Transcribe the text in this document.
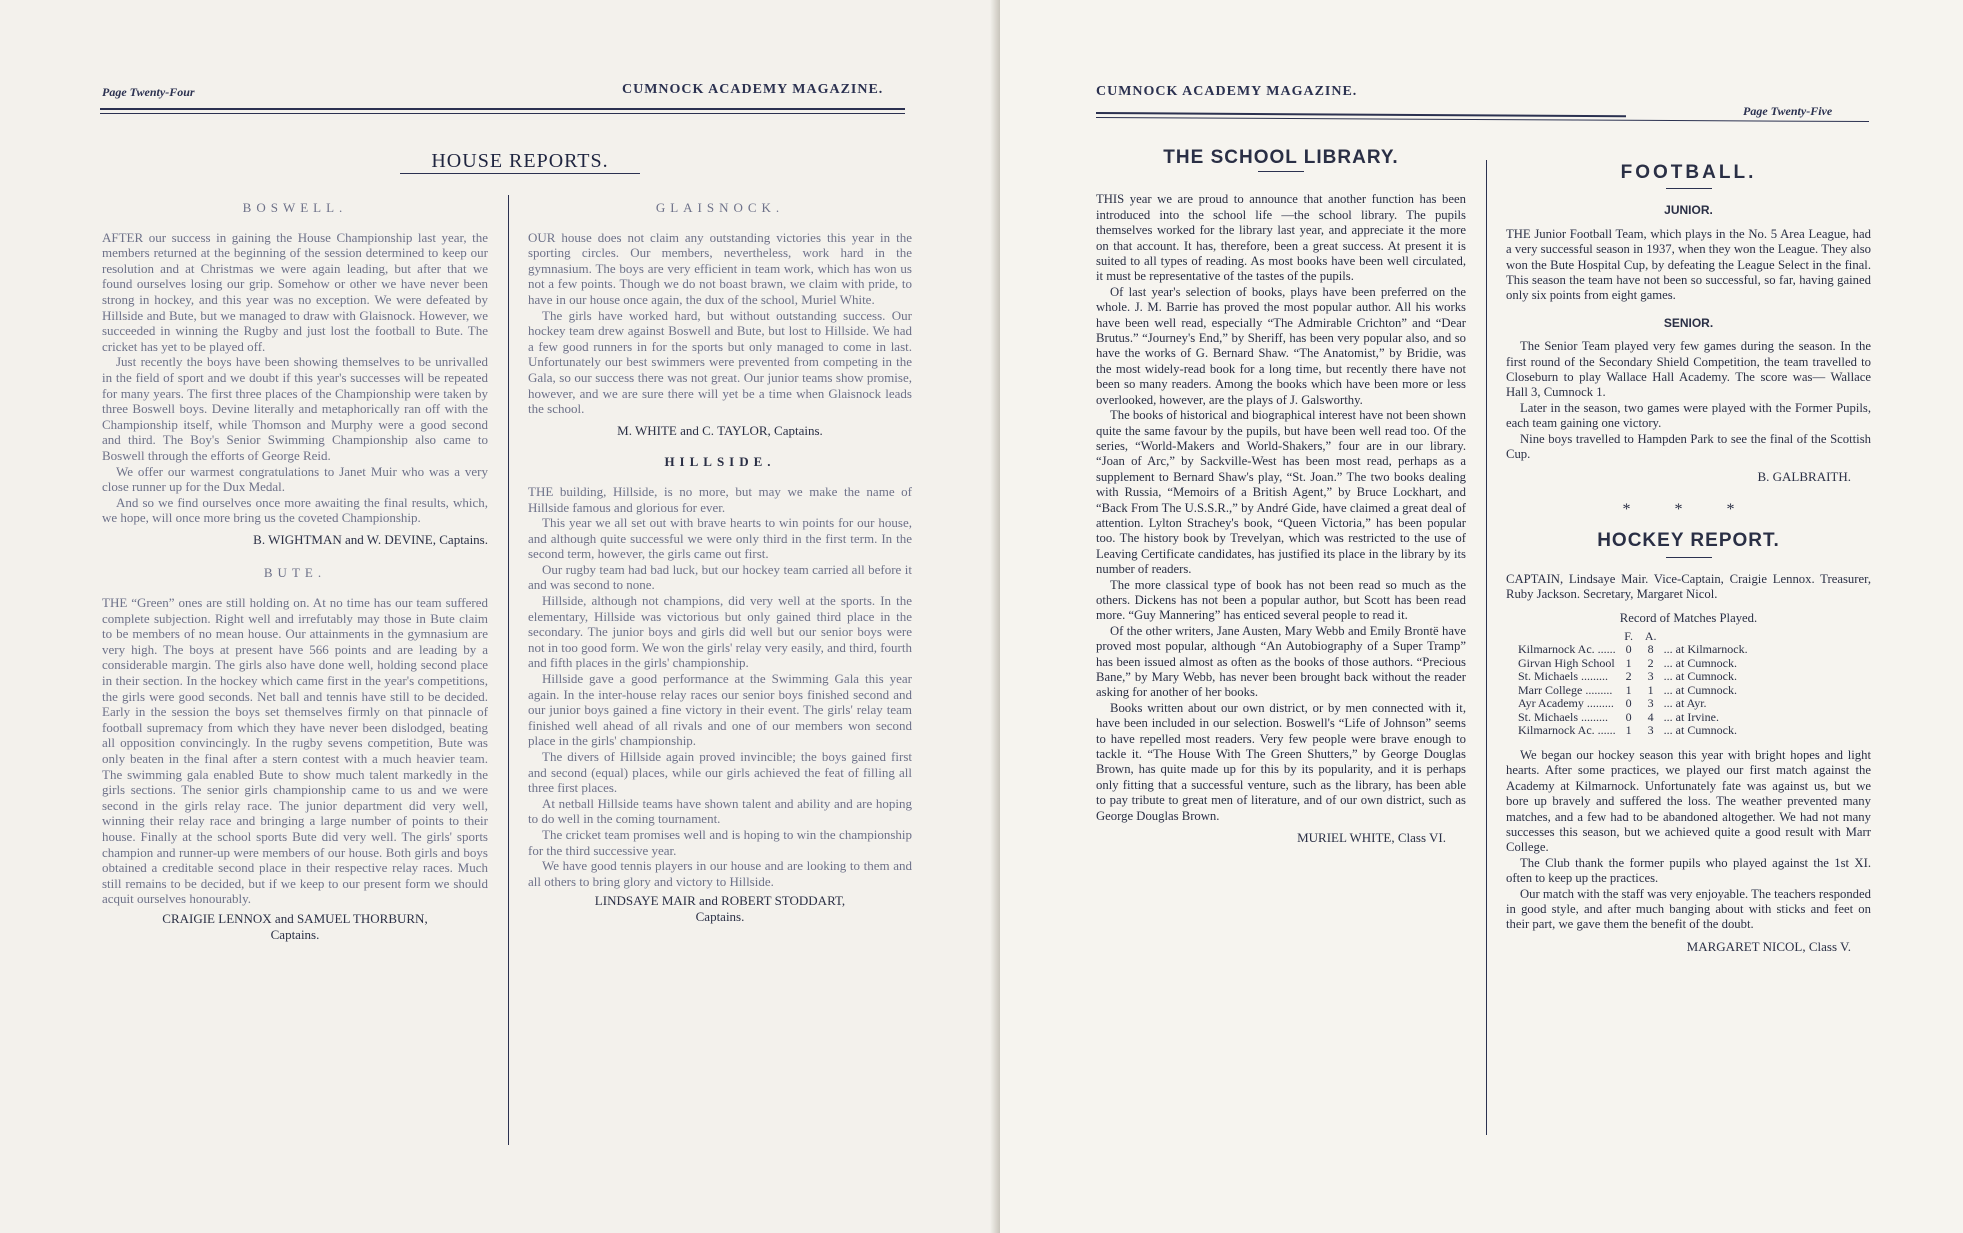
Page Twenty-Four	CUMNOCK ACADEMY MAGAZINE.
HOUSE REPORTS.
BOSWELL.

AFTER our success in gaining the House Championship last year, the members returned at the beginning of the session determined to keep our resolution and at Christmas we were again leading, but after that we found ourselves losing our grip. Somehow or other we have never been strong in hockey, and this year was no exception. We were defeated by Hillside and Bute, but we managed to draw with Glaisnock. However, we succeeded in winning the Rugby and just lost the football to Bute. The cricket has yet to be played off.

Just recently the boys have been showing themselves to be unrivalled in the field of sport and we doubt if this year's successes will be repeated for many years. The first three places of the Championship were taken by three Boswell boys. Devine literally and metaphorically ran off with the Championship itself, while Thomson and Murphy were a good second and third. The Boy's Senior Swimming Championship also came to Boswell through the efforts of George Reid.

We offer our warmest congratulations to Janet Muir who was a very close runner up for the Dux Medal.

And so we find ourselves once more awaiting the final results, which, we hope, will once more bring us the coveted Championship.

B. WIGHTMAN and W. DEVINE, Captains.
BUTE.

THE “Green” ones are still holding on. At no time has our team suffered complete subjection. Right well and irrefutably may those in Bute claim to be members of no mean house. Our attainments in the gymnasium are very high. The boys at present have 566 points and are leading by a considerable margin. The girls also have done well, holding second place in their section. In the hockey which came first in the year's competitions, the girls were good seconds. Net ball and tennis have still to be decided. Early in the session the boys set themselves firmly on that pinnacle of football supremacy from which they have never been dislodged, beating all opposition convincingly. In the rugby sevens competition, Bute was only beaten in the final after a stern contest with a much heavier team. The swimming gala enabled Bute to show much talent markedly in the girls sections. The senior girls championship came to us and we were second in the girls relay race. The junior department did very well, winning their relay race and bringing a large number of points to their house. Finally at the school sports Bute did very well. The girls' sports champion and runner-up were members of our house. Both girls and boys obtained a creditable second place in their respective relay races. Much still remains to be decided, but if we keep to our present form we should acquit ourselves honourably.

CRAIGIE LENNOX and SAMUEL THORBURN,
Captains.
GLAISNOCK.

OUR house does not claim any outstanding victories this year in the sporting circles. Our members, nevertheless, work hard in the gymnasium. The boys are very efficient in team work, which has won us not a few points. Though we do not boast brawn, we claim with pride, to have in our house once again, the dux of the school, Muriel White.

The girls have worked hard, but without outstanding success. Our hockey team drew against Boswell and Bute, but lost to Hillside. We had a few good runners in for the sports but only managed to come in last. Unfortunately our best swimmers were prevented from competing in the Gala, so our success there was not great. Our junior teams show promise, however, and we are sure there will yet be a time when Glaisnock leads the school.

M. WHITE and C. TAYLOR, Captains.
HILLSIDE.

THE building, Hillside, is no more, but may we make the name of Hillside famous and glorious for ever.

This year we all set out with brave hearts to win points for our house, and although quite successful we were only third in the first term. In the second term, however, the girls came out first.

Our rugby team had bad luck, but our hockey team carried all before it and was second to none.

Hillside, although not champions, did very well at the sports. In the elementary, Hillside was victorious but only gained third place in the secondary. The junior boys and girls did well but our senior boys were not in too good form. We won the girls' relay very easily, and third, fourth and fifth places in the girls' championship.

Hillside gave a good performance at the Swimming Gala this year again. In the inter-house relay races our senior boys finished second and our junior boys gained a fine victory in their event. The girls' relay team finished well ahead of all rivals and one of our members won second place in the girls' championship.

The divers of Hillside again proved invincible; the boys gained first and second (equal) places, while our girls achieved the feat of filling all three first places.

At netball Hillside teams have shown talent and ability and are hoping to do well in the coming tournament.

The cricket team promises well and is hoping to win the championship for the third successive year.

We have good tennis players in our house and are looking to them and all others to bring glory and victory to Hillside.

LINDSAYE MAIR and ROBERT STODDART,
Captains.
CUMNOCK ACADEMY MAGAZINE.
Page Twenty-Five
THE SCHOOL LIBRARY.

THIS year we are proud to announce that another function has been introduced into the school life —the school library. The pupils themselves worked for the library last year, and appreciate it the more on that account. It has, therefore, been a great success. At present it is suited to all types of reading. As most books have been well circulated, it must be representative of the tastes of the pupils.

Of last year's selection of books, plays have been preferred on the whole. J. M. Barrie has proved the most popular author. All his works have been well read, especially “The Admirable Crichton” and “Dear Brutus.” “Journey's End,” by Sheriff, has been very popular also, and so have the works of G. Bernard Shaw. “The Anatomist,” by Bridie, was the most widely-read book for a long time, but recently there have not been so many readers. Among the books which have been more or less overlooked, however, are the plays of J. Galsworthy.

The books of historical and biographical interest have not been shown quite the same favour by the pupils, but have been well read too. Of the series, “World-Makers and World-Shakers,” four are in our library. “Joan of Arc,” by Sackville-West has been most read, perhaps as a supplement to Bernard Shaw's play, “St. Joan.” The two books dealing with Russia, “Memoirs of a British Agent,” by Bruce Lockhart, and “Back From The U.S.S.R.,” by André Gide, have claimed a great deal of attention. Lylton Strachey's book, “Queen Victoria,” has been popular too. The history book by Trevelyan, which was restricted to the use of Leaving Certificate candidates, has justified its place in the library by its number of readers.

The more classical type of book has not been read so much as the others. Dickens has not been a popular author, but Scott has been read more. “Guy Mannering” has enticed several people to read it.

Of the other writers, Jane Austen, Mary Webb and Emily Brontë have proved most popular, although “An Autobiography of a Super Tramp” has been issued almost as often as the books of those authors. “Precious Bane,” by Mary Webb, has never been brought back without the reader asking for another of her books.

Books written about our own district, or by men connected with it, have been included in our selection. Boswell's “Life of Johnson” seems to have repelled most readers. Very few people were brave enough to tackle it. “The House With The Green Shutters,” by George Douglas Brown, has quite made up for this by its popularity, and it is perhaps only fitting that a successful venture, such as the library, has been able to pay tribute to great men of literature, and of our own district, such as George Douglas Brown.

MURIEL WHITE, Class VI.
FOOTBALL.
JUNIOR.

THE Junior Football Team, which plays in the No. 5 Area League, had a very successful season in 1937, when they won the League. They also won the Bute Hospital Cup, by defeating the League Select in the final. This season the team have not been so successful, so far, having gained only six points from eight games.

SENIOR.

The Senior Team played very few games during the season. In the first round of the Secondary Shield Competition, the team travelled to Closeburn to play Wallace Hall Academy. The score was— Wallace Hall 3, Cumnock 1.

Later in the season, two games were played with the Former Pupils, each team gaining one victory.

Nine boys travelled to Hampden Park to see the final of the Scottish Cup.

B. GALBRAITH.
* * *
HOCKEY REPORT.

CAPTAIN, Lindsaye Mair. Vice-Captain, Craigie Lennox. Treasurer, Ruby Jackson. Secretary, Margaret Nicol.

Record of Matches Played.
	F.	A.	
Kilmarnock Ac. ......	0	8	... at Kilmarnock.
Girvan High School	1	2	... at Cumnock.
St. Michaels .........	2	3	... at Cumnock.
Marr College .........	1	1	... at Cumnock.
Ayr Academy .........	0	3	... at Ayr.
St. Michaels .........	0	4	... at Irvine.
Kilmarnock Ac. ......	1	3	... at Cumnock.

We began our hockey season this year with bright hopes and light hearts. After some practices, we played our first match against the Academy at Kilmarnock. Unfortunately fate was against us, but we bore up bravely and suffered the loss. The weather prevented many matches, and a few had to be abandoned altogether. We had not many successes this season, but we achieved quite a good result with Marr College.

The Club thank the former pupils who played against the 1st XI. often to keep up the practices.

Our match with the staff was very enjoyable. The teachers responded in good style, and after much banging about with sticks and feet on their part, we gave them the benefit of the doubt.

MARGARET NICOL, Class V.
